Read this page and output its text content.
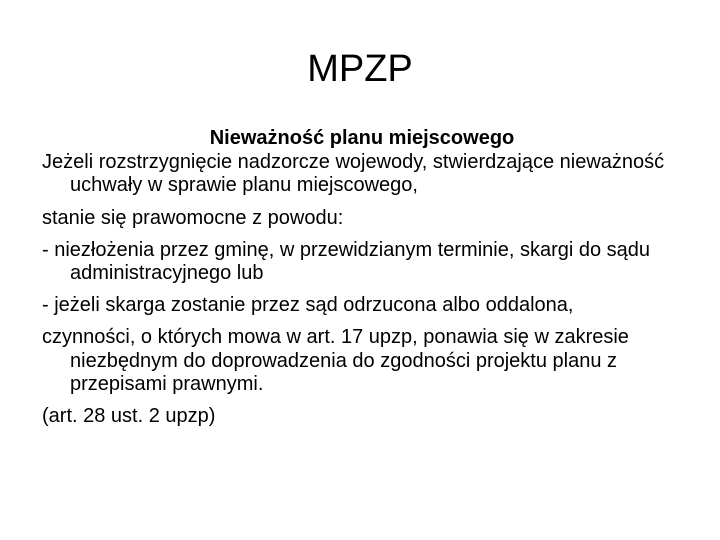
MPZP

Nieważność planu miejscowego

Jeżeli rozstrzygnięcie nadzorcze wojewody, stwierdzające nieważność uchwały w sprawie planu miejscowego,

stanie się prawomocne z powodu:

- niezłożenia przez gminę, w przewidzianym terminie, skargi do sądu administracyjnego lub

- jeżeli skarga zostanie przez sąd odrzucona albo oddalona,

czynności, o których mowa w art. 17 upzp, ponawia się w zakresie niezbędnym do doprowadzenia do zgodności projektu planu z przepisami prawnymi.

(art. 28 ust. 2 upzp)
